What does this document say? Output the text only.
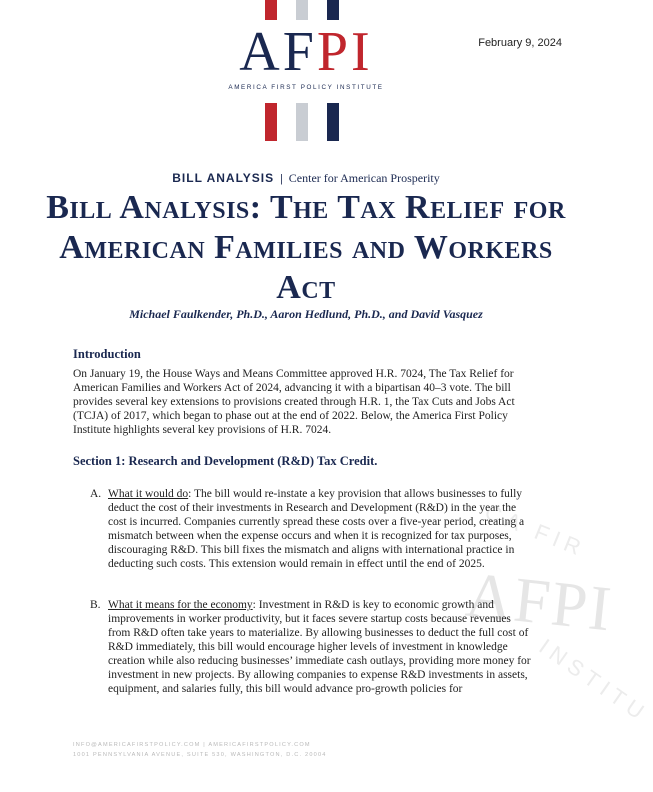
AFPI
AMERICA FIRST POLICY INSTITUTE
February 9, 2024
BILL ANALYSIS | Center for American Prosperity
Bill Analysis: The Tax Relief for American Families and Workers Act
Michael Faulkender, Ph.D., Aaron Hedlund, Ph.D., and David Vasquez
Introduction
On January 19, the House Ways and Means Committee approved H.R. 7024, The Tax Relief for American Families and Workers Act of 2024, advancing it with a bipartisan 40–3 vote. The bill provides several key extensions to provisions created through H.R. 1, the Tax Cuts and Jobs Act (TCJA) of 2017, which began to phase out at the end of 2022. Below, the America First Policy Institute highlights several key provisions of H.R. 7024.
Section 1: Research and Development (R&D) Tax Credit.
CA FIR
AFPI
INSTITU
A. What it would do: The bill would re-instate a key provision that allows businesses to fully deduct the cost of their investments in Research and Development (R&D) in the year the cost is incurred. Companies currently spread these costs over a five-year period, creating a mismatch between when the expense occurs and when it is recognized for tax purposes, discouraging R&D. This bill fixes the mismatch and aligns with international practice in deducting such costs. This extension would remain in effect until the end of 2025.
B. What it means for the economy: Investment in R&D is key to economic growth and improvements in worker productivity, but it faces severe startup costs because revenues from R&D often take years to materialize. By allowing businesses to deduct the full cost of R&D immediately, this bill would encourage higher levels of investment in knowledge creation while also reducing businesses’ immediate cash outlays, providing more money for investment in new projects. By allowing companies to expense R&D investments in assets, equipment, and salaries fully, this bill would advance pro-growth policies for
INFO@AMERICAFIRSTPOLICY.COM | AMERICAFIRSTPOLICY.COM
1001 PENNSYLVANIA AVENUE, SUITE 530, WASHINGTON, D.C. 20004
